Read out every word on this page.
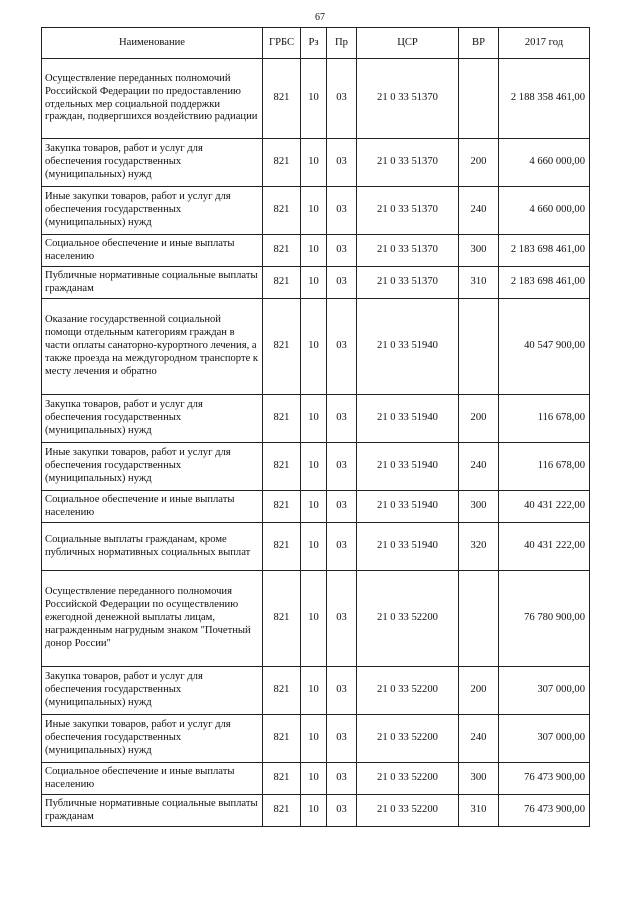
67
Наименование	ГРБС	Рз	Пр	ЦСР	ВР	2017 год
Осуществление переданных полномочий Российской Федерации по предоставлению отдельных мер социальной поддержки граждан, подвергшихся воздействию радиации	821	10	03	21 0 33 51370		2 188 358 461,00
Закупка товаров, работ и услуг для обеспечения государственных (муниципальных) нужд	821	10	03	21 0 33 51370	200	4 660 000,00
Иные закупки товаров, работ и услуг для обеспечения государственных (муниципальных) нужд	821	10	03	21 0 33 51370	240	4 660 000,00
Социальное обеспечение и иные выплаты населению	821	10	03	21 0 33 51370	300	2 183 698 461,00
Публичные нормативные социальные выплаты гражданам	821	10	03	21 0 33 51370	310	2 183 698 461,00
Оказание государственной социальной помощи отдельным категориям граждан в части оплаты санаторно-курортного лечения, а также проезда на междугородном транспорте к месту лечения и обратно	821	10	03	21 0 33 51940		40 547 900,00
Закупка товаров, работ и услуг для обеспечения государственных (муниципальных) нужд	821	10	03	21 0 33 51940	200	116 678,00
Иные закупки товаров, работ и услуг для обеспечения государственных (муниципальных) нужд	821	10	03	21 0 33 51940	240	116 678,00
Социальное обеспечение и иные выплаты населению	821	10	03	21 0 33 51940	300	40 431 222,00
Социальные выплаты гражданам, кроме публичных нормативных социальных выплат	821	10	03	21 0 33 51940	320	40 431 222,00
Осуществление переданного полномочия Российской Федерации по осуществлению ежегодной денежной выплаты лицам, награжденным нагрудным знаком "Почетный донор России"	821	10	03	21 0 33 52200		76 780 900,00
Закупка товаров, работ и услуг для обеспечения государственных (муниципальных) нужд	821	10	03	21 0 33 52200	200	307 000,00
Иные закупки товаров, работ и услуг для обеспечения государственных (муниципальных) нужд	821	10	03	21 0 33 52200	240	307 000,00
Социальное обеспечение и иные выплаты населению	821	10	03	21 0 33 52200	300	76 473 900,00
Публичные нормативные социальные выплаты гражданам	821	10	03	21 0 33 52200	310	76 473 900,00
